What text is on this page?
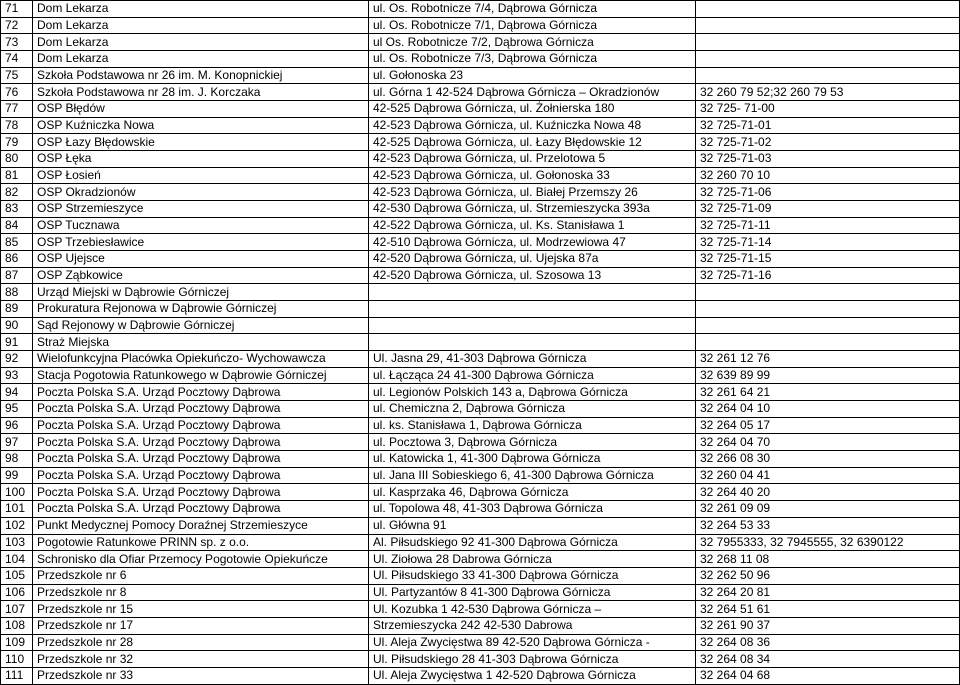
71	Dom Lekarza	ul. Os. Robotnicze 7/4, Dąbrowa Górnicza	
72	Dom Lekarza	ul. Os. Robotnicze 7/1, Dąbrowa Górnicza	
73	Dom Lekarza	ul Os. Robotnicze 7/2, Dąbrowa Górnicza	
74	Dom Lekarza	ul. Os. Robotnicze 7/3, Dąbrowa Górnicza	
75	Szkoła Podstawowa nr 26 im. M. Konopnickiej	ul. Gołonoska 23	
76	Szkoła Podstawowa nr 28 im. J. Korczaka	ul. Górna 1 42-524 Dąbrowa Górnicza – Okradzionów	32 260 79 52;32 260 79 53
77	OSP Błędów	42-525 Dąbrowa Górnicza, ul. Żołnierska 180	32 725- 71-00
78	OSP Kuźniczka Nowa	42-523 Dąbrowa Górnicza, ul. Kuźniczka Nowa 48	32 725-71-01
79	OSP Łazy Błędowskie	42-525 Dąbrowa Górnicza, ul. Łazy Błędowskie 12	32 725-71-02
80	OSP Łęka	42-523 Dąbrowa Górnicza, ul. Przelotowa 5	32 725-71-03
81	OSP Łosień	42-523 Dąbrowa Górnicza, ul. Gołonoska 33	32 260 70 10
82	OSP Okradzionów	42-523 Dąbrowa Górnicza, ul. Białej Przemszy 26	32 725-71-06
83	OSP Strzemieszyce	42-530 Dąbrowa Górnicza, ul. Strzemieszycka 393a	32 725-71-09
84	OSP Tucznawa	42-522 Dąbrowa Górnicza, ul. Ks. Stanisława 1	32 725-71-11
85	OSP Trzebiesławice	42-510 Dąbrowa Górnicza, ul. Modrzewiowa 47	32 725-71-14
86	OSP Ujejsce	42-520 Dąbrowa Górnicza, ul. Ujejska 87a	32 725-71-15
87	OSP Ząbkowice	42-520 Dąbrowa Górnicza, ul. Szosowa 13	32 725-71-16
88	Urząd Miejski w Dąbrowie Górniczej		
89	Prokuratura Rejonowa w Dąbrowie Górniczej		
90	Sąd Rejonowy w Dąbrowie Górniczej		
91	Straż Miejska		
92	Wielofunkcyjna Placówka Opiekuńczo- Wychowawcza	Ul. Jasna 29, 41-303 Dąbrowa Górnicza	32 261 12 76
93	Stacja Pogotowia Ratunkowego w Dąbrowie Górniczej	ul. Łącząca 24 41-300 Dąbrowa Górnicza	32 639 89 99
94	Poczta Polska S.A. Urząd Pocztowy Dąbrowa	ul. Legionów Polskich 143 a, Dąbrowa Górnicza	32 261 64 21
95	Poczta Polska S.A. Urząd Pocztowy Dąbrowa	ul. Chemiczna 2, Dąbrowa Górnicza	32 264 04 10
96	Poczta Polska S.A. Urząd Pocztowy Dąbrowa	ul. ks. Stanisława 1, Dąbrowa Górnicza	32 264 05 17
97	Poczta Polska S.A. Urząd Pocztowy Dąbrowa	ul. Pocztowa 3, Dąbrowa Górnicza	32 264 04 70
98	Poczta Polska S.A. Urząd Pocztowy Dąbrowa	ul. Katowicka 1, 41-300 Dąbrowa Górnicza	32 266 08 30
99	Poczta Polska S.A. Urząd Pocztowy Dąbrowa	ul. Jana III Sobieskiego 6, 41-300 Dąbrowa Górnicza	32 260 04 41
100	Poczta Polska S.A. Urząd Pocztowy Dąbrowa	ul. Kasprzaka 46, Dąbrowa Górnicza	32 264 40 20
101	Poczta Polska S.A. Urząd Pocztowy Dąbrowa	ul. Topolowa 48, 41-303 Dąbrowa Górnicza	32 261 09 09
102	Punkt Medycznej Pomocy Doraźnej Strzemieszyce	ul. Główna 91	32 264 53 33
103	Pogotowie Ratunkowe PRINN sp. z o.o.	Al. Piłsudskiego 92 41-300 Dąbrowa Górnicza	32 7955333, 32 7945555, 32 6390122
104	Schronisko dla Ofiar Przemocy Pogotowie Opiekuńcze	Ul. Ziołowa 28 Dabrowa Górnicza	32 268 11 08
105	Przedszkole nr 6	Ul. Piłsudskiego 33 41-300 Dąbrowa Górnicza	32 262 50 96
106	Przedszkole nr 8	Ul. Partyzantów 8 41-300 Dąbrowa Górnicza	32 264 20 81
107	Przedszkole nr 15	Ul. Kozubka 1 42-530 Dąbrowa Górnicza –	32 264 51 61
108	Przedszkole nr 17	Strzemieszycka 242 42-530 Dabrowa	32 261 90 37
109	Przedszkole nr 28	Ul. Aleja Zwycięstwa 89 42-520 Dąbrowa Górnicza -	32 264 08 36
110	Przedszkole nr 32	Ul. Piłsudskiego 28 41-303 Dąbrowa Górnicza	32 264 08 34
111	Przedszkole nr 33	Ul. Aleja Zwycięstwa 1 42-520 Dąbrowa Górnicza	32 264 04 68
